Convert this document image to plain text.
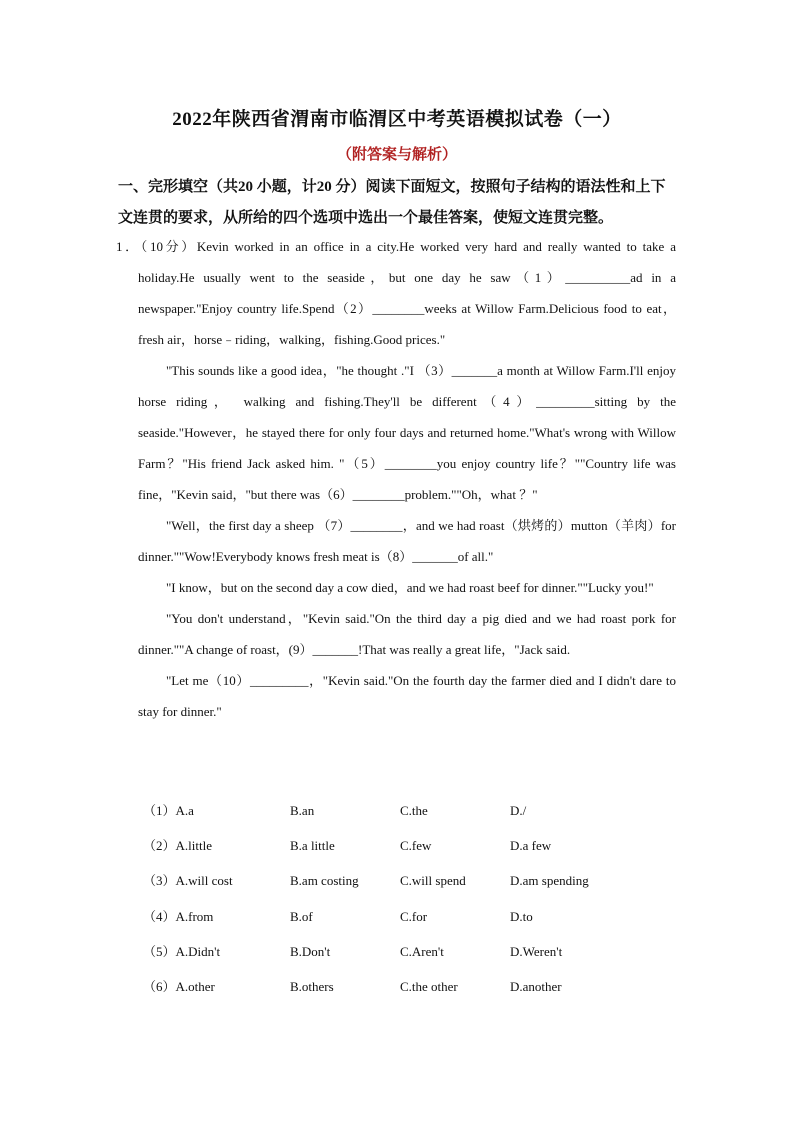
2022年陕西省渭南市临渭区中考英语模拟试卷（一）
（附答案与解析）
一、完形填空（共20 小题，计20 分）阅读下面短文，按照句子结构的语法性和上下文连贯的要求，从所给的四个选项中选出一个最佳答案，使短文连贯完整。

1．（10分）Kevin worked in an office in a city.He worked very hard and really wanted to take a holiday.He usually went to the seaside，but one day he saw（1）__________ad in a newspaper."Enjoy country life.Spend（2）________weeks at Willow Farm.Delicious food to eat，fresh air，horse﹣riding，walking，fishing.Good prices."

"This sounds like a good idea，"he thought ."I （3）_______a month at Willow Farm.I'll enjoy horse riding， walking and fishing.They'll be different（4）_________sitting by the seaside."However，he stayed there for only four days and returned home."What's wrong with Willow Farm？"His friend Jack asked him. "（5）________you enjoy country life？""Country life was fine，"Kevin said，"but there was（6）________problem.""Oh，what ？"

"Well，the first day a sheep （7）________，and we had roast（烘烤的）mutton（羊肉）for dinner.""Wow!Everybody knows fresh meat is（8）_______of all."

"I know，but on the second day a cow died，and we had roast beef for dinner.""Lucky you!"

"You don't understand，"Kevin said."On the third day a pig died and we had roast pork for dinner.""A change of roast，(9）_______!That was really a great life，"Jack said.

"Let me（10）_________，"Kevin said."On the fourth day the farmer died and I didn't dare to stay for dinner."

（1）A.a	B.an	C.the	D./
（2）A.little	B.a little	C.few	D.a few
（3）A.will cost	B.am costing	C.will spend	D.am spending
（4）A.from	B.of	C.for	D.to
（5）A.Didn't	B.Don't	C.Aren't	D.Weren't
（6）A.other	B.others	C.the other	D.another
